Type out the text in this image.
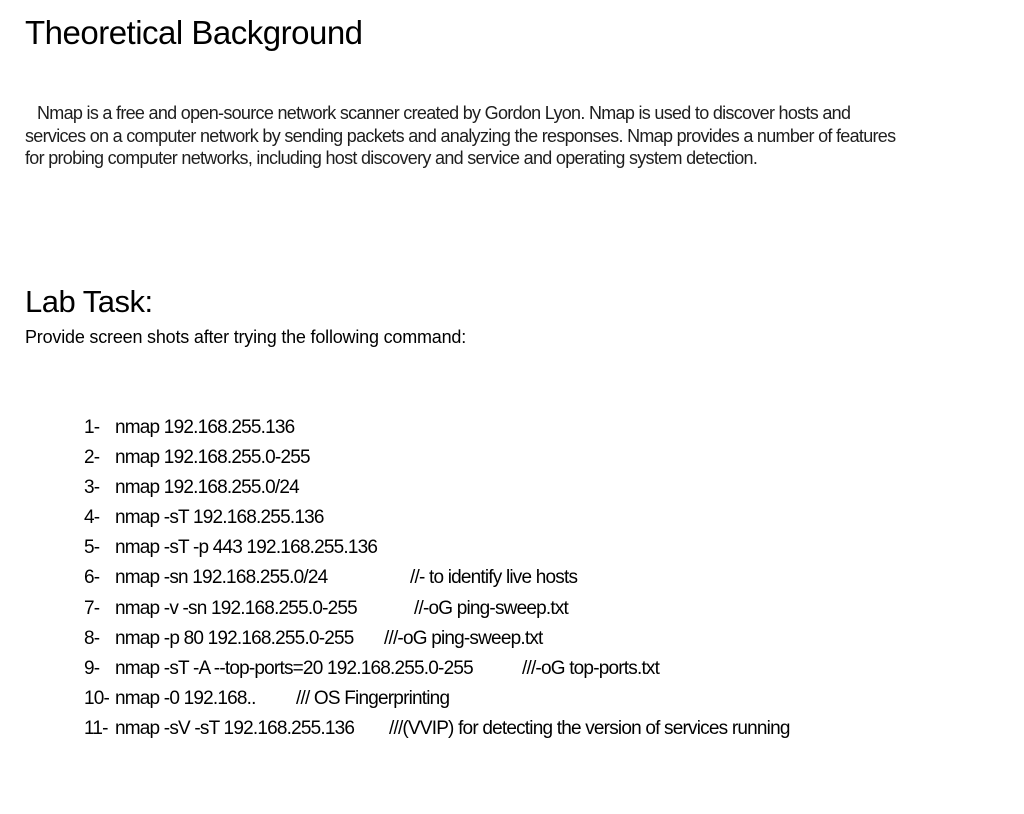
Theoretical Background

Nmap is a free and open-source network scanner created by Gordon Lyon. Nmap is used to discover hosts and services on a computer network by sending packets and analyzing the responses. Nmap provides a number of features for probing computer networks, including host discovery and service and operating system detection.

Lab Task:

Provide screen shots after trying the following command:

1- nmap 192.168.255.136
2- nmap 192.168.255.0-255
3- nmap 192.168.255.0/24
4- nmap -sT 192.168.255.136
5- nmap -sT -p 443 192.168.255.136
6- nmap -sn 192.168.255.0/24	//- to identify live hosts
7- nmap -v -sn 192.168.255.0-255	//-oG ping-sweep.txt
8- nmap -p 80 192.168.255.0-255 ///-oG ping-sweep.txt
9- nmap -sT -A --top-ports=20 192.168.255.0-255	///-oG top-ports.txt
10- nmap -0 192.168.. /// OS Fingerprinting
11- nmap -sV -sT 192.168.255.136 ///(VVIP) for detecting the version of services running
